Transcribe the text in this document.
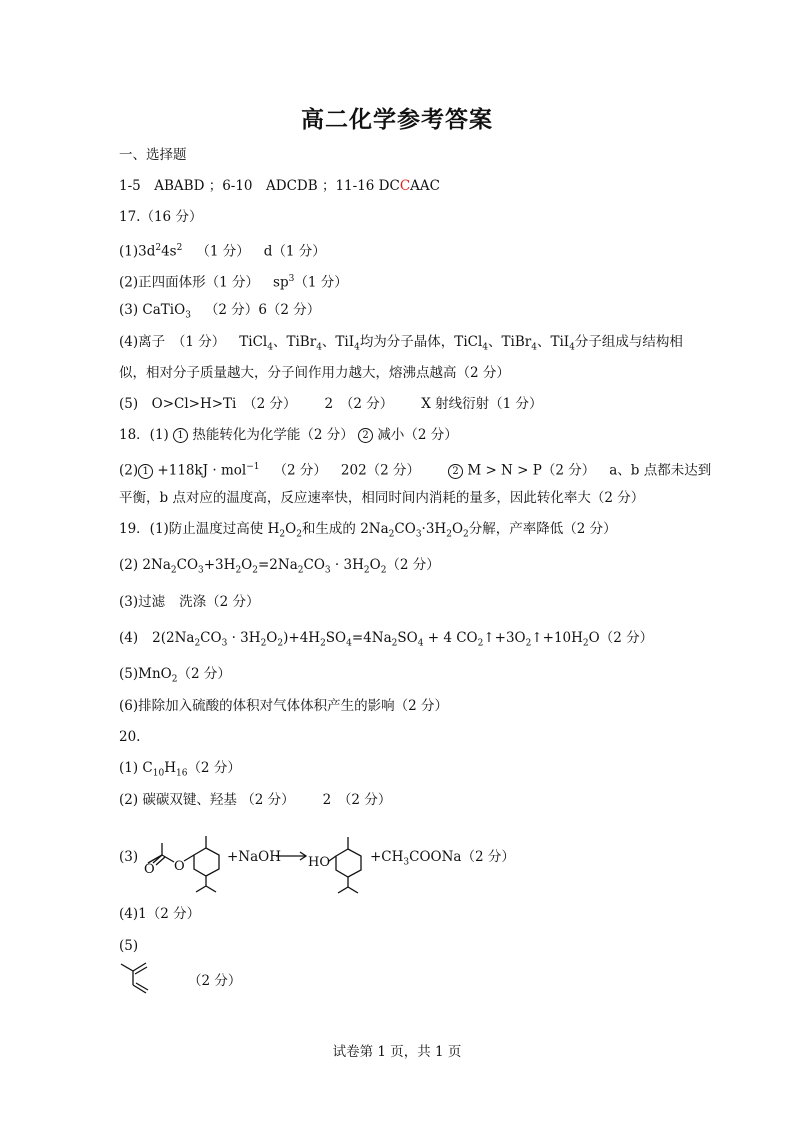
高二化学参考答案
一、选择题
1-5　ABABD ；6-10　ADCDB ；11-16 DCCAAC
17.（16 分）
$(1)3d^24s^2$ （1 分） d（1 分）
(2)正四面体形（1 分） $sp^3(1$ 分）
(3) CaTiO$_3$ （2 分）6（2 分）
(4)离子　（1 分） TiCl$_4$、TiBr$_4$、TiI$_4$均为分子晶体，TiCl$_4$、TiBr$_4$、TiI$_4$分子组成与结构相
似，相对分子质量越大，分子间作用力越大，熔沸点越高（2 分）
(5)　O>Cl>H>Ti　（2 分） 2　（2 分） X 射线衍射（1 分）
18．(1) 1 热能转化为化学能（2 分） 2 减小（2 分）
(2) 1 +118kJ · mol$^{-1}$ （2 分） 202（2 分）	2 M > N > P（2 分） a、b 点都未达到
平衡，b 点对应的温度高，反应速率快，相同时间内消耗的量多，因此转化率大（2 分）
19．(1)防止温度过高使 $H_2O_2$和生成的 $2Na_2CO_3\cdot 3H_2O_2$分解，产率降低（2 分）
(2) $2Na_2CO_3+3H_2O_2=2Na_2CO_3 \cdot 3H_2O_2(2$ 分）
(3)过滤 洗涤（2 分）
(4) $2(2Na_2CO_3 \cdot 3H_2O_2)+4H_2SO_4=4Na_2SO_4 + 4$ $CO_2↑+3O_2↑+10H_2O(2$ 分）
(5)MnO$_2$（2 分）
(6)排除加入硫酸的体积对气体体积产生的影响（2 分）
20.
(1) $C_{10}H_{16}(2$ 分）
(2) 碳碳双键、羟基 （2 分） 2　（2 分）
(3)
O O
+NaOH → HO	$+CH_3COONa(2$ 分）
(4)1（2 分）
(5)
（2 分）
试卷第 1 页，共 1 页
